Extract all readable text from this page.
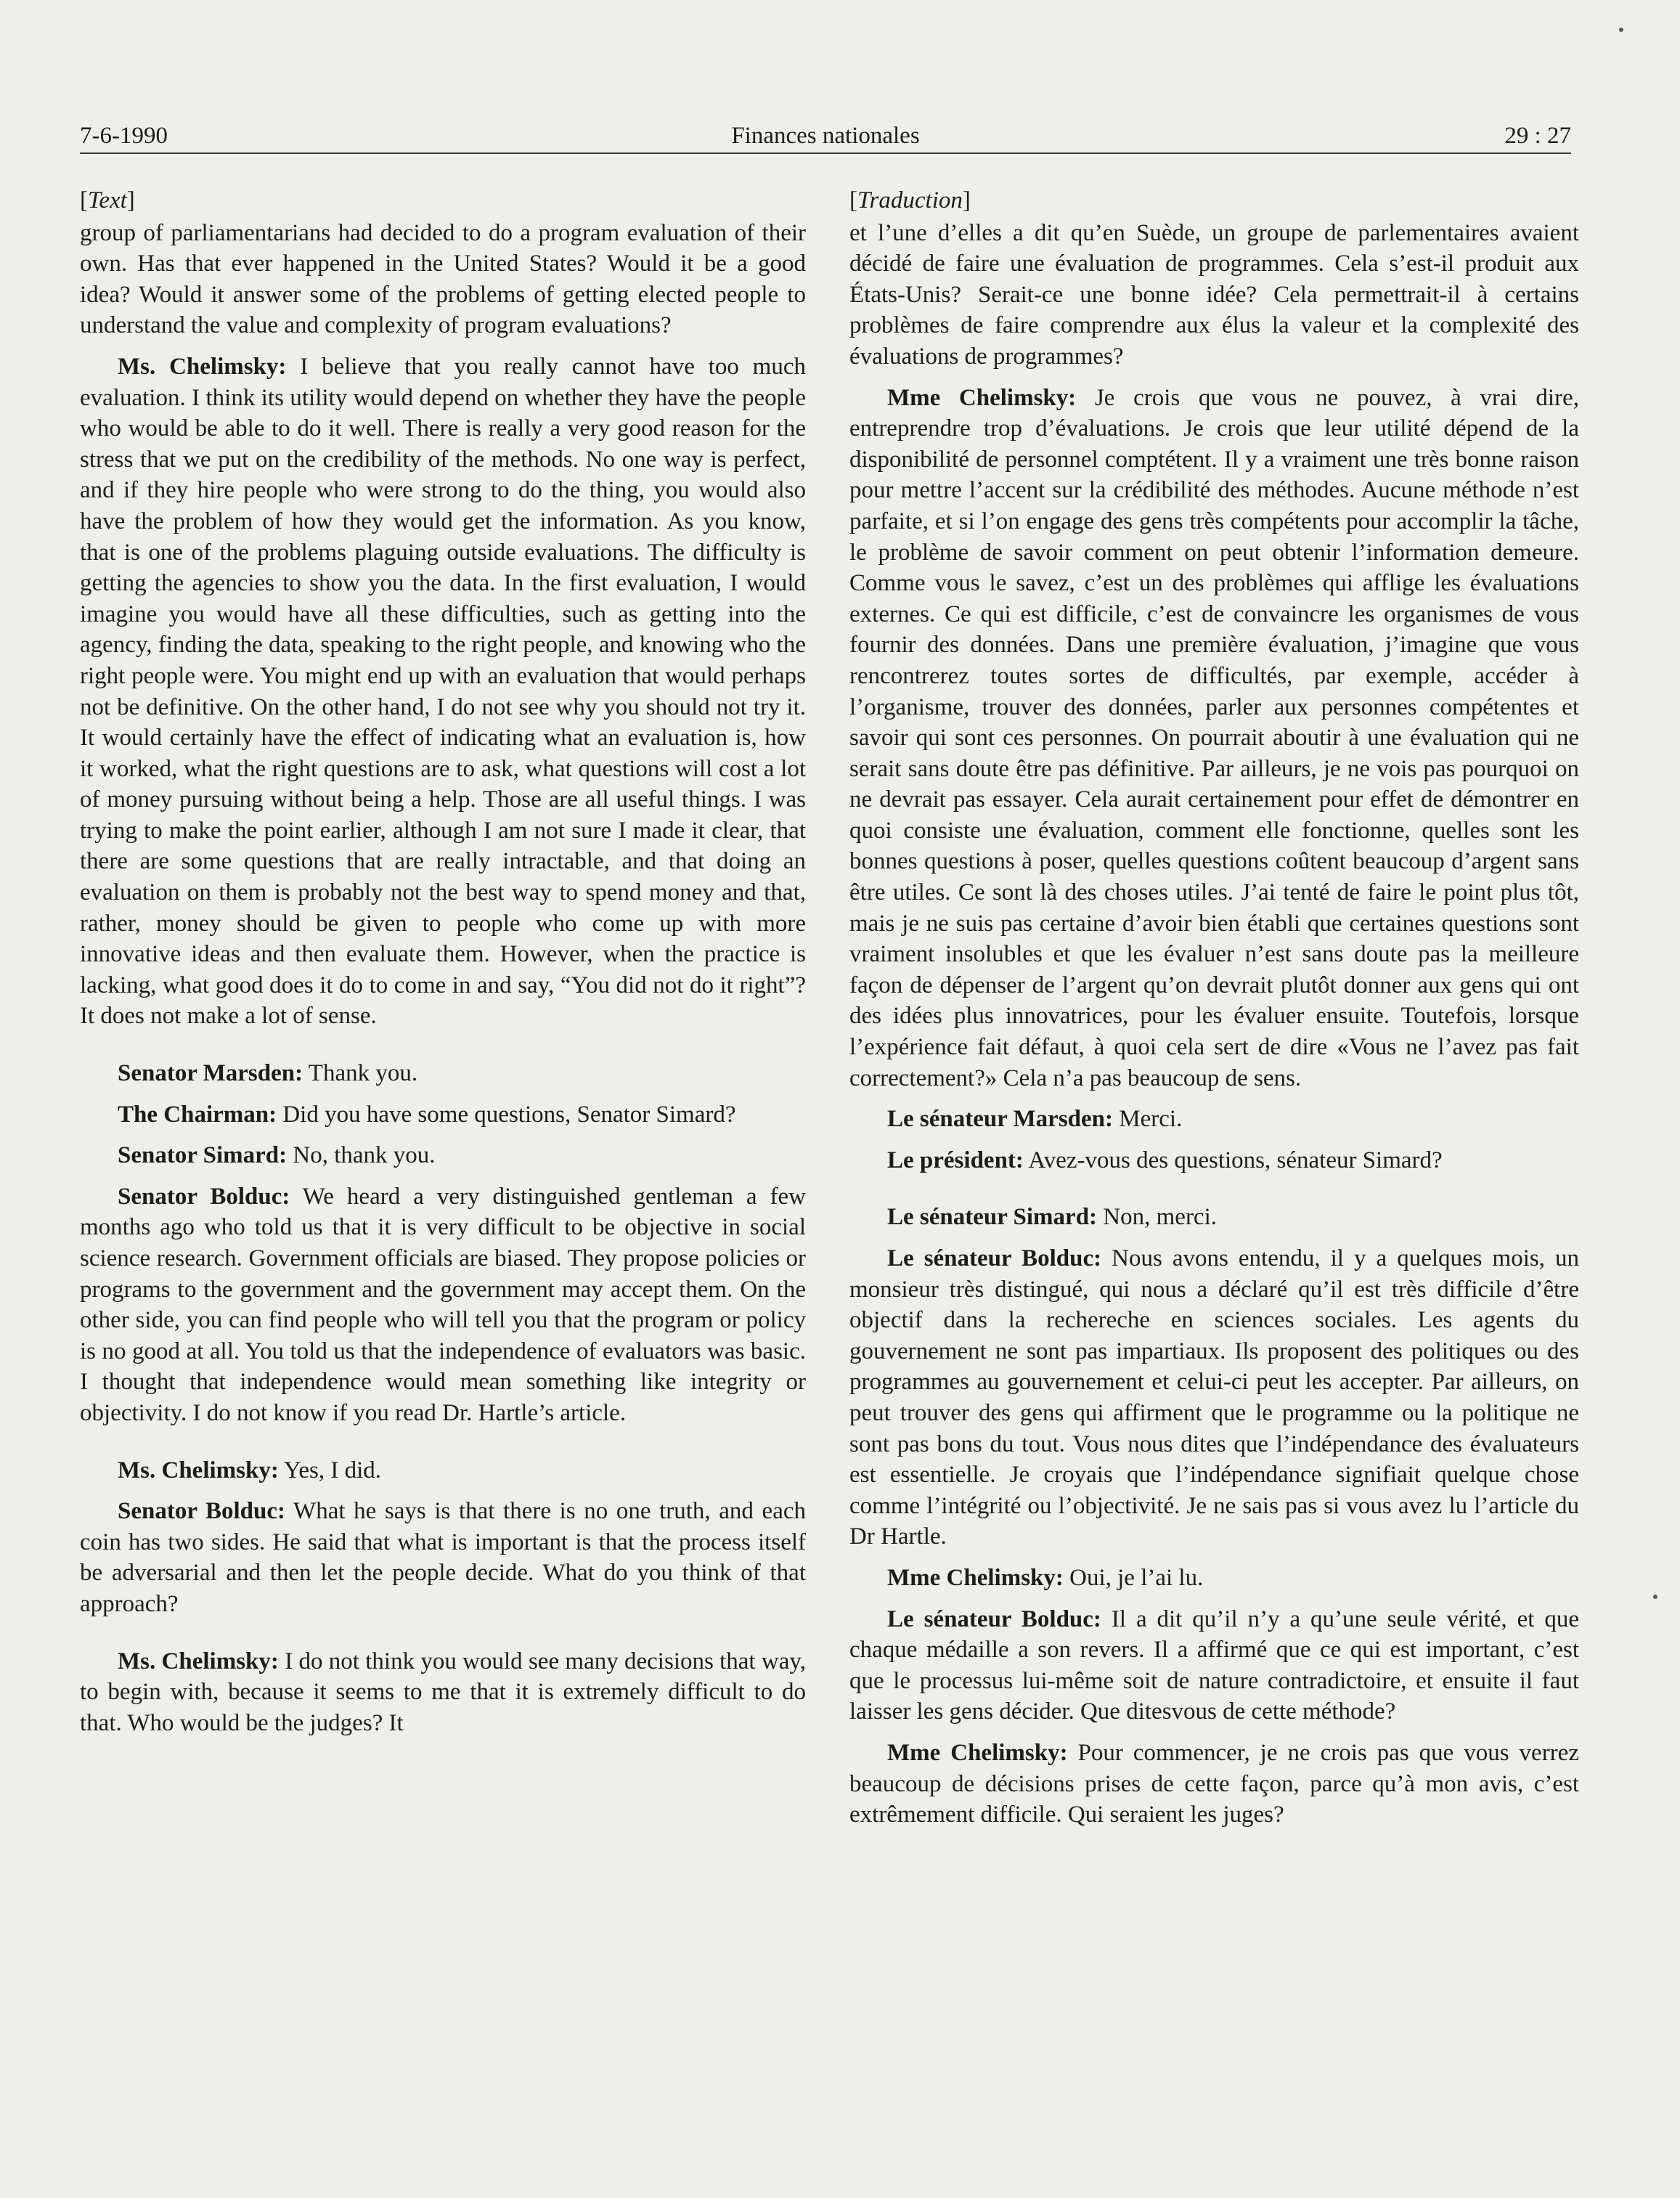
7-6-1990	Finances nationales	29 : 27
[Text]

group of parliamentarians had decided to do a program evaluation of their own. Has that ever happened in the United States? Would it be a good idea? Would it answer some of the problems of getting elected people to understand the value and complexity of program evaluations?

Ms. Chelimsky: I believe that you really cannot have too much evaluation. I think its utility would depend on whether they have the people who would be able to do it well. There is really a very good reason for the stress that we put on the credibility of the methods. No one way is perfect, and if they hire people who were strong to do the thing, you would also have the problem of how they would get the information. As you know, that is one of the problems plaguing outside evaluations. The difficulty is getting the agencies to show you the data. In the first evaluation, I would imagine you would have all these difficulties, such as getting into the agency, finding the data, speaking to the right people, and knowing who the right people were. You might end up with an evaluation that would perhaps not be definitive. On the other hand, I do not see why you should not try it. It would certainly have the effect of indicating what an evaluation is, how it worked, what the right questions are to ask, what questions will cost a lot of money pursuing without being a help. Those are all useful things. I was trying to make the point earlier, although I am not sure I made it clear, that there are some questions that are really intractable, and that doing an evaluation on them is probably not the best way to spend money and that, rather, money should be given to people who come up with more innovative ideas and then evaluate them. However, when the practice is lacking, what good does it do to come in and say, “You did not do it right”? It does not make a lot of sense.

Senator Marsden: Thank you.

The Chairman: Did you have some questions, Senator Simard?

Senator Simard: No, thank you.

Senator Bolduc: We heard a very distinguished gentleman a few months ago who told us that it is very difficult to be objective in social science research. Government officials are biased. They propose policies or programs to the government and the government may accept them. On the other side, you can find people who will tell you that the program or policy is no good at all. You told us that the independence of evaluators was basic. I thought that independence would mean something like integrity or objectivity. I do not know if you read Dr. Hartle’s article.

Ms. Chelimsky: Yes, I did.

Senator Bolduc: What he says is that there is no one truth, and each coin has two sides. He said that what is important is that the process itself be adversarial and then let the people decide. What do you think of that approach?

Ms. Chelimsky: I do not think you would see many decisions that way, to begin with, because it seems to me that it is extremely difficult to do that. Who would be the judges? It

[Traduction]

et l’une d’elles a dit qu’en Suède, un groupe de parlementaires avaient décidé de faire une évaluation de programmes. Cela s’est-il produit aux États-Unis? Serait-ce une bonne idée? Cela permettrait-il à certains problèmes de faire comprendre aux élus la valeur et la complexité des évaluations de programmes?

Mme Chelimsky: Je crois que vous ne pouvez, à vrai dire, entreprendre trop d’évaluations. Je crois que leur utilité dépend de la disponibilité de personnel comptétent. Il y a vraiment une très bonne raison pour mettre l’accent sur la crédibilité des méthodes. Aucune méthode n’est parfaite, et si l’on engage des gens très compétents pour accomplir la tâche, le problème de savoir comment on peut obtenir l’information demeure. Comme vous le savez, c’est un des problèmes qui afflige les évaluations externes. Ce qui est difficile, c’est de convaincre les organismes de vous fournir des données. Dans une première évaluation, j’imagine que vous rencontrerez toutes sortes de difficultés, par exemple, accéder à l’organisme, trouver des données, parler aux personnes compétentes et savoir qui sont ces personnes. On pourrait aboutir à une évaluation qui ne serait sans doute être pas définitive. Par ailleurs, je ne vois pas pourquoi on ne devrait pas essayer. Cela aurait certainement pour effet de démontrer en quoi consiste une évaluation, comment elle fonctionne, quelles sont les bonnes questions à poser, quelles questions coûtent beaucoup d’argent sans être utiles. Ce sont là des choses utiles. J’ai tenté de faire le point plus tôt, mais je ne suis pas certaine d’avoir bien établi que certaines questions sont vraiment insolubles et que les évaluer n’est sans doute pas la meilleure façon de dépenser de l’argent qu’on devrait plutôt donner aux gens qui ont des idées plus innovatrices, pour les évaluer ensuite. Toutefois, lorsque l’expérience fait défaut, à quoi cela sert de dire «Vous ne l’avez pas fait correctement?» Cela n’a pas beaucoup de sens.

Le sénateur Marsden: Merci.

Le président: Avez-vous des questions, sénateur Simard?

Le sénateur Simard: Non, merci.

Le sénateur Bolduc: Nous avons entendu, il y a quelques mois, un monsieur très distingué, qui nous a déclaré qu’il est très difficile d’être objectif dans la rechereche en sciences sociales. Les agents du gouvernement ne sont pas impartiaux. Ils proposent des politiques ou des programmes au gouvernement et celui-ci peut les accepter. Par ailleurs, on peut trouver des gens qui affirment que le programme ou la politique ne sont pas bons du tout. Vous nous dites que l’indépendance des évaluateurs est essentielle. Je croyais que l’indépendance signifiait quelque chose comme l’intégrité ou l’objectivité. Je ne sais pas si vous avez lu l’article du Dr Hartle.

Mme Chelimsky: Oui, je l’ai lu.

Le sénateur Bolduc: Il a dit qu’il n’y a qu’une seule vérité, et que chaque médaille a son revers. Il a affirmé que ce qui est important, c’est que le processus lui-même soit de nature contradictoire, et ensuite il faut laisser les gens décider. Que ditesvous de cette méthode?

Mme Chelimsky: Pour commencer, je ne crois pas que vous verrez beaucoup de décisions prises de cette façon, parce qu’à mon avis, c’est extrêmement difficile. Qui seraient les juges?
